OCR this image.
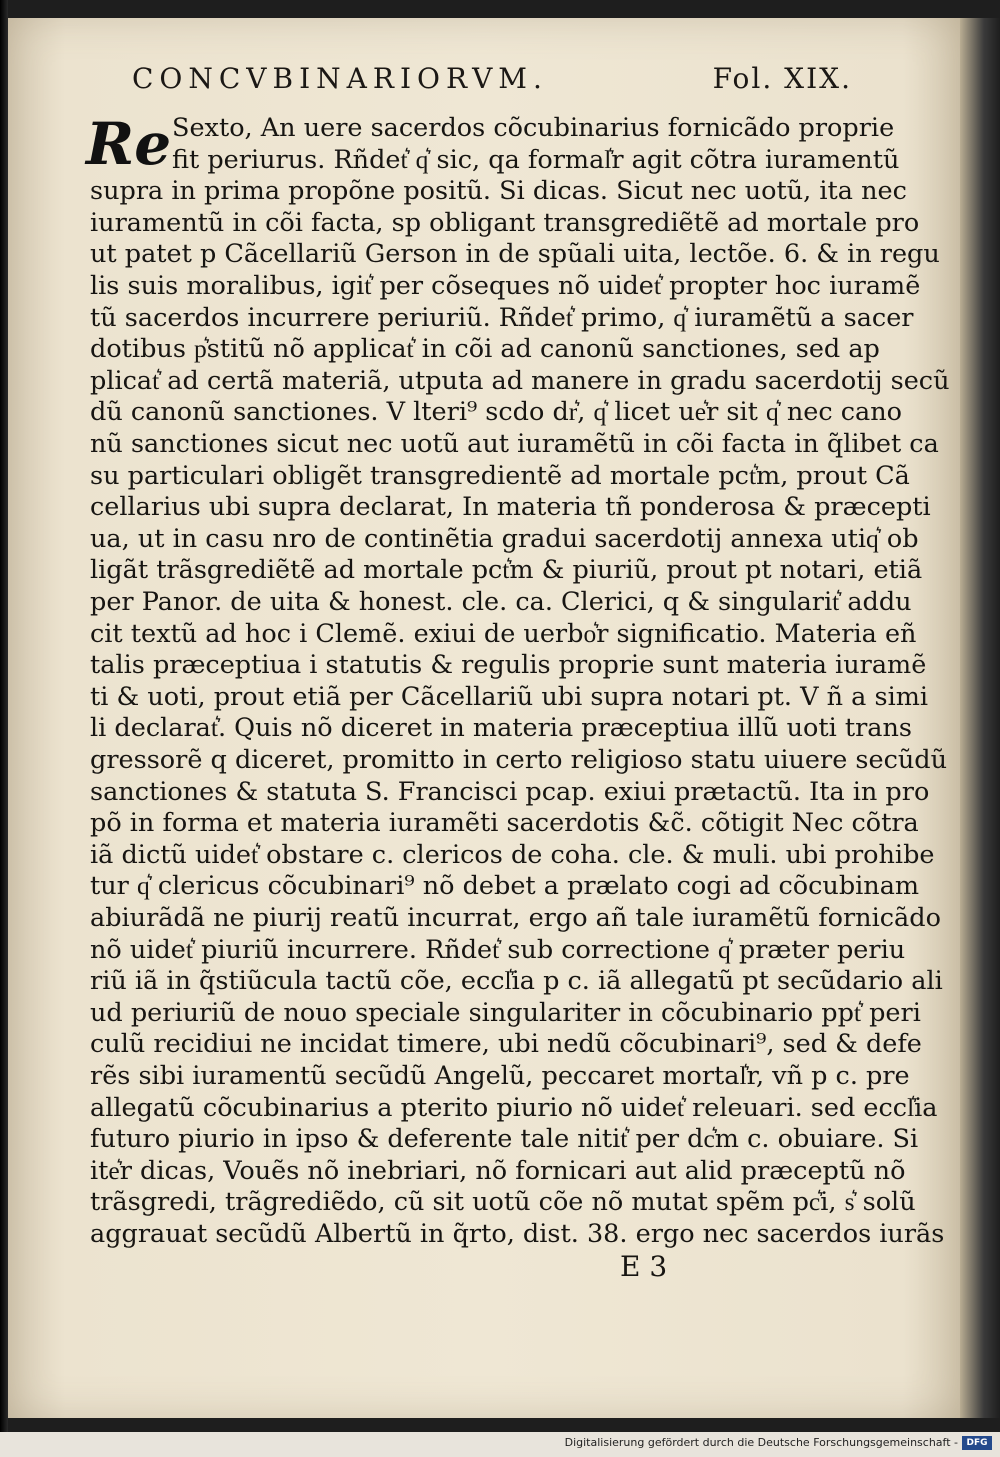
CONCVBINARIORVM.	Fol. XIX.
Re Sexto, An uere sacerdos cõcubinarius fornicãdo proprie
fit periurus. Rñdet͛ q͛ sic, qa formal͛r agit cõtra iuramentũ
supra in prima propõne positũ. Si dicas. Sicut nec uotũ, ita nec
iuramentũ in cõi facta, sp obligant transgrediẽtẽ ad mortale pro
ut patet p Cãcellariũ Gerson in de spũali uita, lectõe. 6. & in regu
lis suis moralibus, igit͛ per cõseques nõ uidet͛ propter hoc iuramẽ
tũ sacerdos incurrere periuriũ. Rñdet͛ primo, q͛ iuramẽtũ a sacer
dotibus p͛stitũ nõ applicat͛ in cõi ad canonũ sanctiones, sed ap
plicat͛ ad certã materiã, utputa ad manere in gradu sacerdotij secũ
dũ canonũ sanctiones. V lteri⁹ scdo dr͛, q͛ licet ue͛r sit q͛ nec cano
nũ sanctiones sicut nec uotũ aut iuramẽtũ in cõi facta in q̃libet ca
su particulari obligẽt transgredientẽ ad mortale pct͛m, prout Cã
cellarius ubi supra declarat, In materia tñ ponderosa & præcepti
ua, ut in casu nro de continẽtia gradui sacerdotij annexa utiq͛ ob
ligãt trãsgrediẽtẽ ad mortale pct͛m & piuriũ, prout pt notari, etiã
per Panor. de uita & honest. cle. ca. Clerici, q & singularit͛ addu
cit textũ ad hoc i Clemẽ. exiui de uerbo͛r significatio. Materia eñ
talis præceptiua i statutis & regulis proprie sunt materia iuramẽ
ti & uoti, prout etiã per Cãcellariũ ubi supra notari pt. V ñ a simi
li declarat͛. Quis nõ diceret in materia præceptiua illũ uoti trans
gressorẽ q diceret, promitto in certo religioso statu uiuere secũdũ
sanctiones & statuta S. Francisci pcap. exiui prætactũ. Ita in pro
põ in forma et materia iuramẽti sacerdotis &c̃. cõtigit Nec cõtra
iã dictũ uidet͛ obstare c. clericos de coha. cle. & muli. ubi prohibe
tur q͛ clericus cõcubinari⁹ nõ debet a prælato cogi ad cõcubinam
abiurãdã ne piurij reatũ incurrat, ergo añ tale iuramẽtũ fornicãdo
nõ uidet͛ piuriũ incurrere. Rñdet͛ sub correctione q͛ præter periu
riũ iã in q̃stiũcula tactũ cõe, eccl͛ia p c. iã allegatũ pt secũdario ali
ud periuriũ de nouo speciale singulariter in cõcubinario ppt͛ peri
culũ recidiui ne incidat timere, ubi nedũ cõcubinari⁹, sed & defe
rẽs sibi iuramentũ secũdũ Angelũ, peccaret mortal͛r, vñ p c. pre
allegatũ cõcubinarius a pterito piurio nõ uidet͛ releuari. sed eccl͛ia
futuro piurio in ipso & deferente tale nitit͛ per dc͛m c. obuiare. Si
ite͛r dicas, Vouẽs nõ inebriari, nõ fornicari aut alid præceptũ nõ
trãsgredi, trãgrediẽdo, cũ sit uotũ cõe nõ mutat spẽm pc͛i, s͛ solũ
aggrauat secũdũ Albertũ in q̃rto, dist. 38. ergo nec sacerdos iurãs
E 3
Digitalisierung gefördert durch die Deutsche Forschungsgemeinschaft - DFG
